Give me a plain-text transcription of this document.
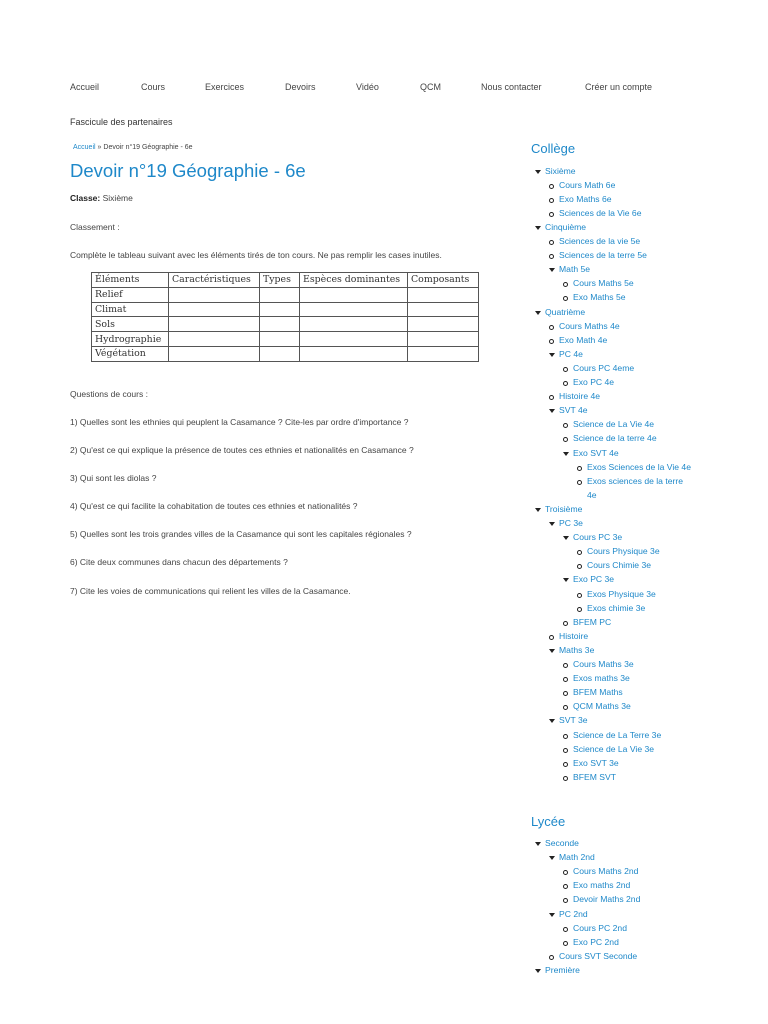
Accueil	Cours	Exercices	Devoirs	Vidéo	QCM	Nous contacter	Créer un compte
Fascicule des partenaires
Accueil » Devoir n°19 Géographie - 6e
Devoir n°19 Géographie - 6e
Classe: Sixième
Classement :
Complète le tableau suivant avec les éléments tirés de ton cours. Ne pas remplir les cases inutiles.
Éléments	Caractéristiques	Types	Espèces dominantes	Composants
Relief				
Climat				
Sols				
Hydrographie				
Végétation				
Questions de cours :
1) Quelles sont les ethnies qui peuplent la Casamance ? Cite-les par ordre d'importance ?
2) Qu'est ce qui explique la présence de toutes ces ethnies et nationalités en Casamance ?
3) Qui sont les diolas ?
4) Qu'est ce qui facilite la cohabitation de toutes ces ethnies et nationalités ?
5) Quelles sont les trois grandes villes de la Casamance qui sont les capitales régionales ?
6) Cite deux communes dans chacun des départements ?
7) Cite les voies de communications qui relient les villes de la Casamance.
Collège
Lycée
Sixième
Cours Math 6e
Exo Maths 6e
Sciences de la Vie 6e
Cinquième
Sciences de la vie 5e
Sciences de la terre 5e
Math 5e
Cours Maths 5e
Exo Maths 5e
Quatrième
Cours Maths 4e
Exo Math 4e
PC 4e
Cours PC 4eme
Exo PC 4e
Histoire 4e
SVT 4e
Science de La Vie 4e
Science de la terre 4e
Exo SVT 4e
Exos Sciences de la Vie 4e
Exos sciences de la terre
4e
Troisième
PC 3e
Cours PC 3e
Cours Physique 3e
Cours Chimie 3e
Exo PC 3e
Exos Physique 3e
Exos chimie 3e
BFEM PC
Histoire
Maths 3e
Cours Maths 3e
Exos maths 3e
BFEM Maths
QCM Maths 3e
SVT 3e
Science de La Terre 3e
Science de La Vie 3e
Exo SVT 3e
BFEM SVT
Seconde
Math 2nd
Cours Maths 2nd
Exo maths 2nd
Devoir Maths 2nd
PC 2nd
Cours PC 2nd
Exo PC 2nd
Cours SVT Seconde
Première
